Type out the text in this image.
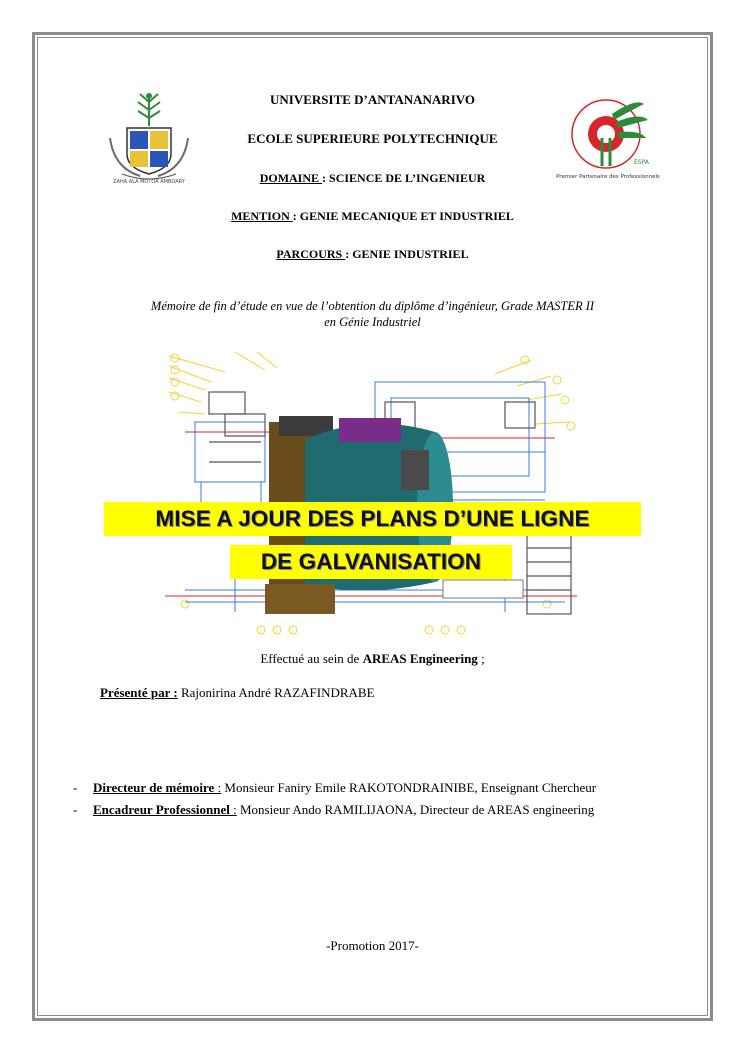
ZAHA ALA MOTOA AMBOARY
Premier Partenaire des Professionnels
ESPA
UNIVERSITE D’ANTANANARIVO
ECOLE SUPERIEURE POLYTECHNIQUE
DOMAINE : SCIENCE DE L’INGENIEUR
MENTION : GENIE MECANIQUE ET INDUSTRIEL
PARCOURS : GENIE INDUSTRIEL
Mémoire de fin d’étude en vue de l’obtention du diplôme d’ingénieur, Grade MASTER II
en Génie Industriel
MISE A JOUR DES PLANS D’UNE LIGNE
DE GALVANISATION
Effectué au sein de AREAS Engineering ;
Présenté par : Rajonirina André RAZAFINDRABE
- Directeur de mémoire : Monsieur Faniry Emile RAKOTONDRAINIBE, Enseignant Chercheur
- Encadreur Professionnel : Monsieur Ando RAMILIJAONA, Directeur de AREAS engineering
-Promotion 2017-
